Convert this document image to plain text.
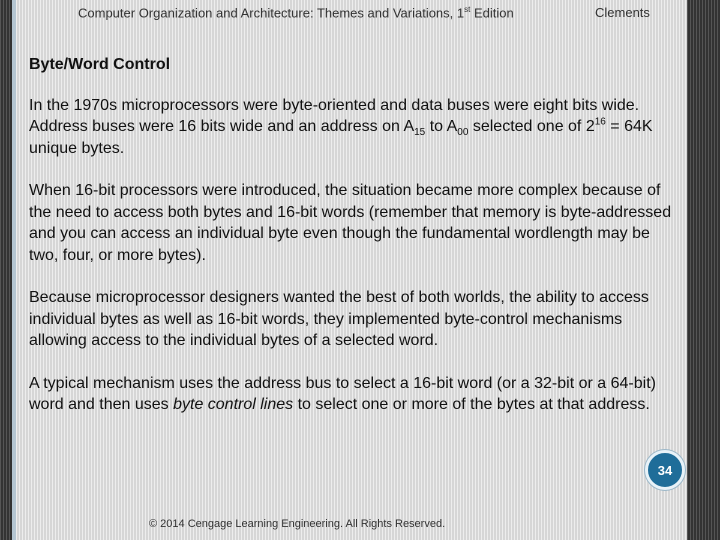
Computer Organization and Architecture: Themes and Variations, 1st Edition	Clements
Byte/Word Control

In the 1970s microprocessors were byte-oriented and data buses were eight bits wide. Address buses were 16 bits wide and an address on $A_{15}$ to $A_{00}$ selected one of $2^{16} = 64K$ unique bytes.

When 16-bit processors were introduced, the situation became more complex because of the need to access both bytes and 16-bit words (remember that memory is byte-addressed and you can access an individual byte even though the fundamental wordlength may be two, four, or more bytes).

Because microprocessor designers wanted the best of both worlds, the ability to access individual bytes as well as 16-bit words, they implemented byte-control mechanisms allowing access to the individual bytes of a selected word.

A typical mechanism uses the address bus to select a 16-bit word (or a 32-bit or a 64-bit) word and then uses byte control lines to select one or more of the bytes at that address.

34
© 2014 Cengage Learning Engineering. All Rights Reserved.
